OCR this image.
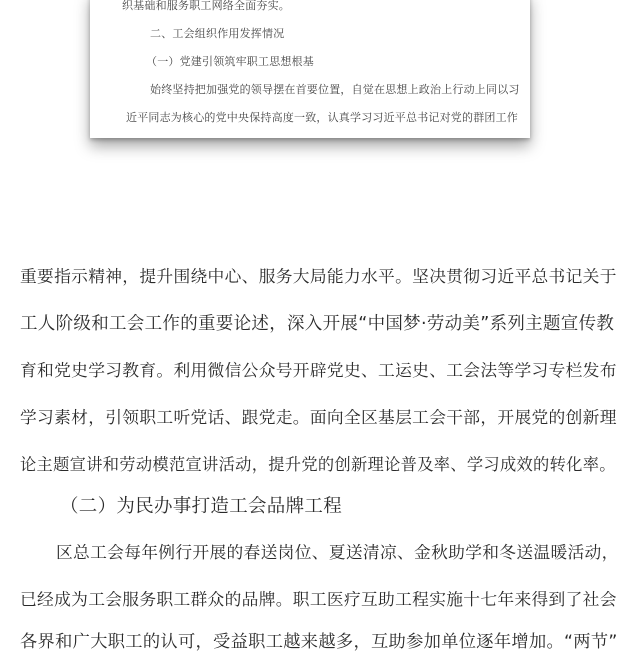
织基础和服务职工网络全面夯实。
二、工会组织作用发挥情况
（一）党建引领筑牢职工思想根基
始终坚持把加强党的领导摆在首要位置，自觉在思想上政治上行动上同以习
近平同志为核心的党中央保持高度一致，认真学习习近平总书记对党的群团工作
重要指示精神，提升围绕中心、服务大局能力水平。坚决贯彻习近平总书记关于
工人阶级和工会工作的重要论述，深入开展“中国梦·劳动美”系列主题宣传教
育和党史学习教育。利用微信公众号开辟党史、工运史、工会法等学习专栏发布
学习素材，引领职工听党话、跟党走。面向全区基层工会干部，开展党的创新理
论主题宣讲和劳动模范宣讲活动，提升党的创新理论普及率、学习成效的转化率。
（二）为民办事打造工会品牌工程
区总工会每年例行开展的春送岗位、夏送清凉、金秋助学和冬送温暖活动，
已经成为工会服务职工群众的品牌。职工医疗互助工程实施十七年来得到了社会
各界和广大职工的认可，受益职工越来越多，互助参加单位逐年增加。“两节”
